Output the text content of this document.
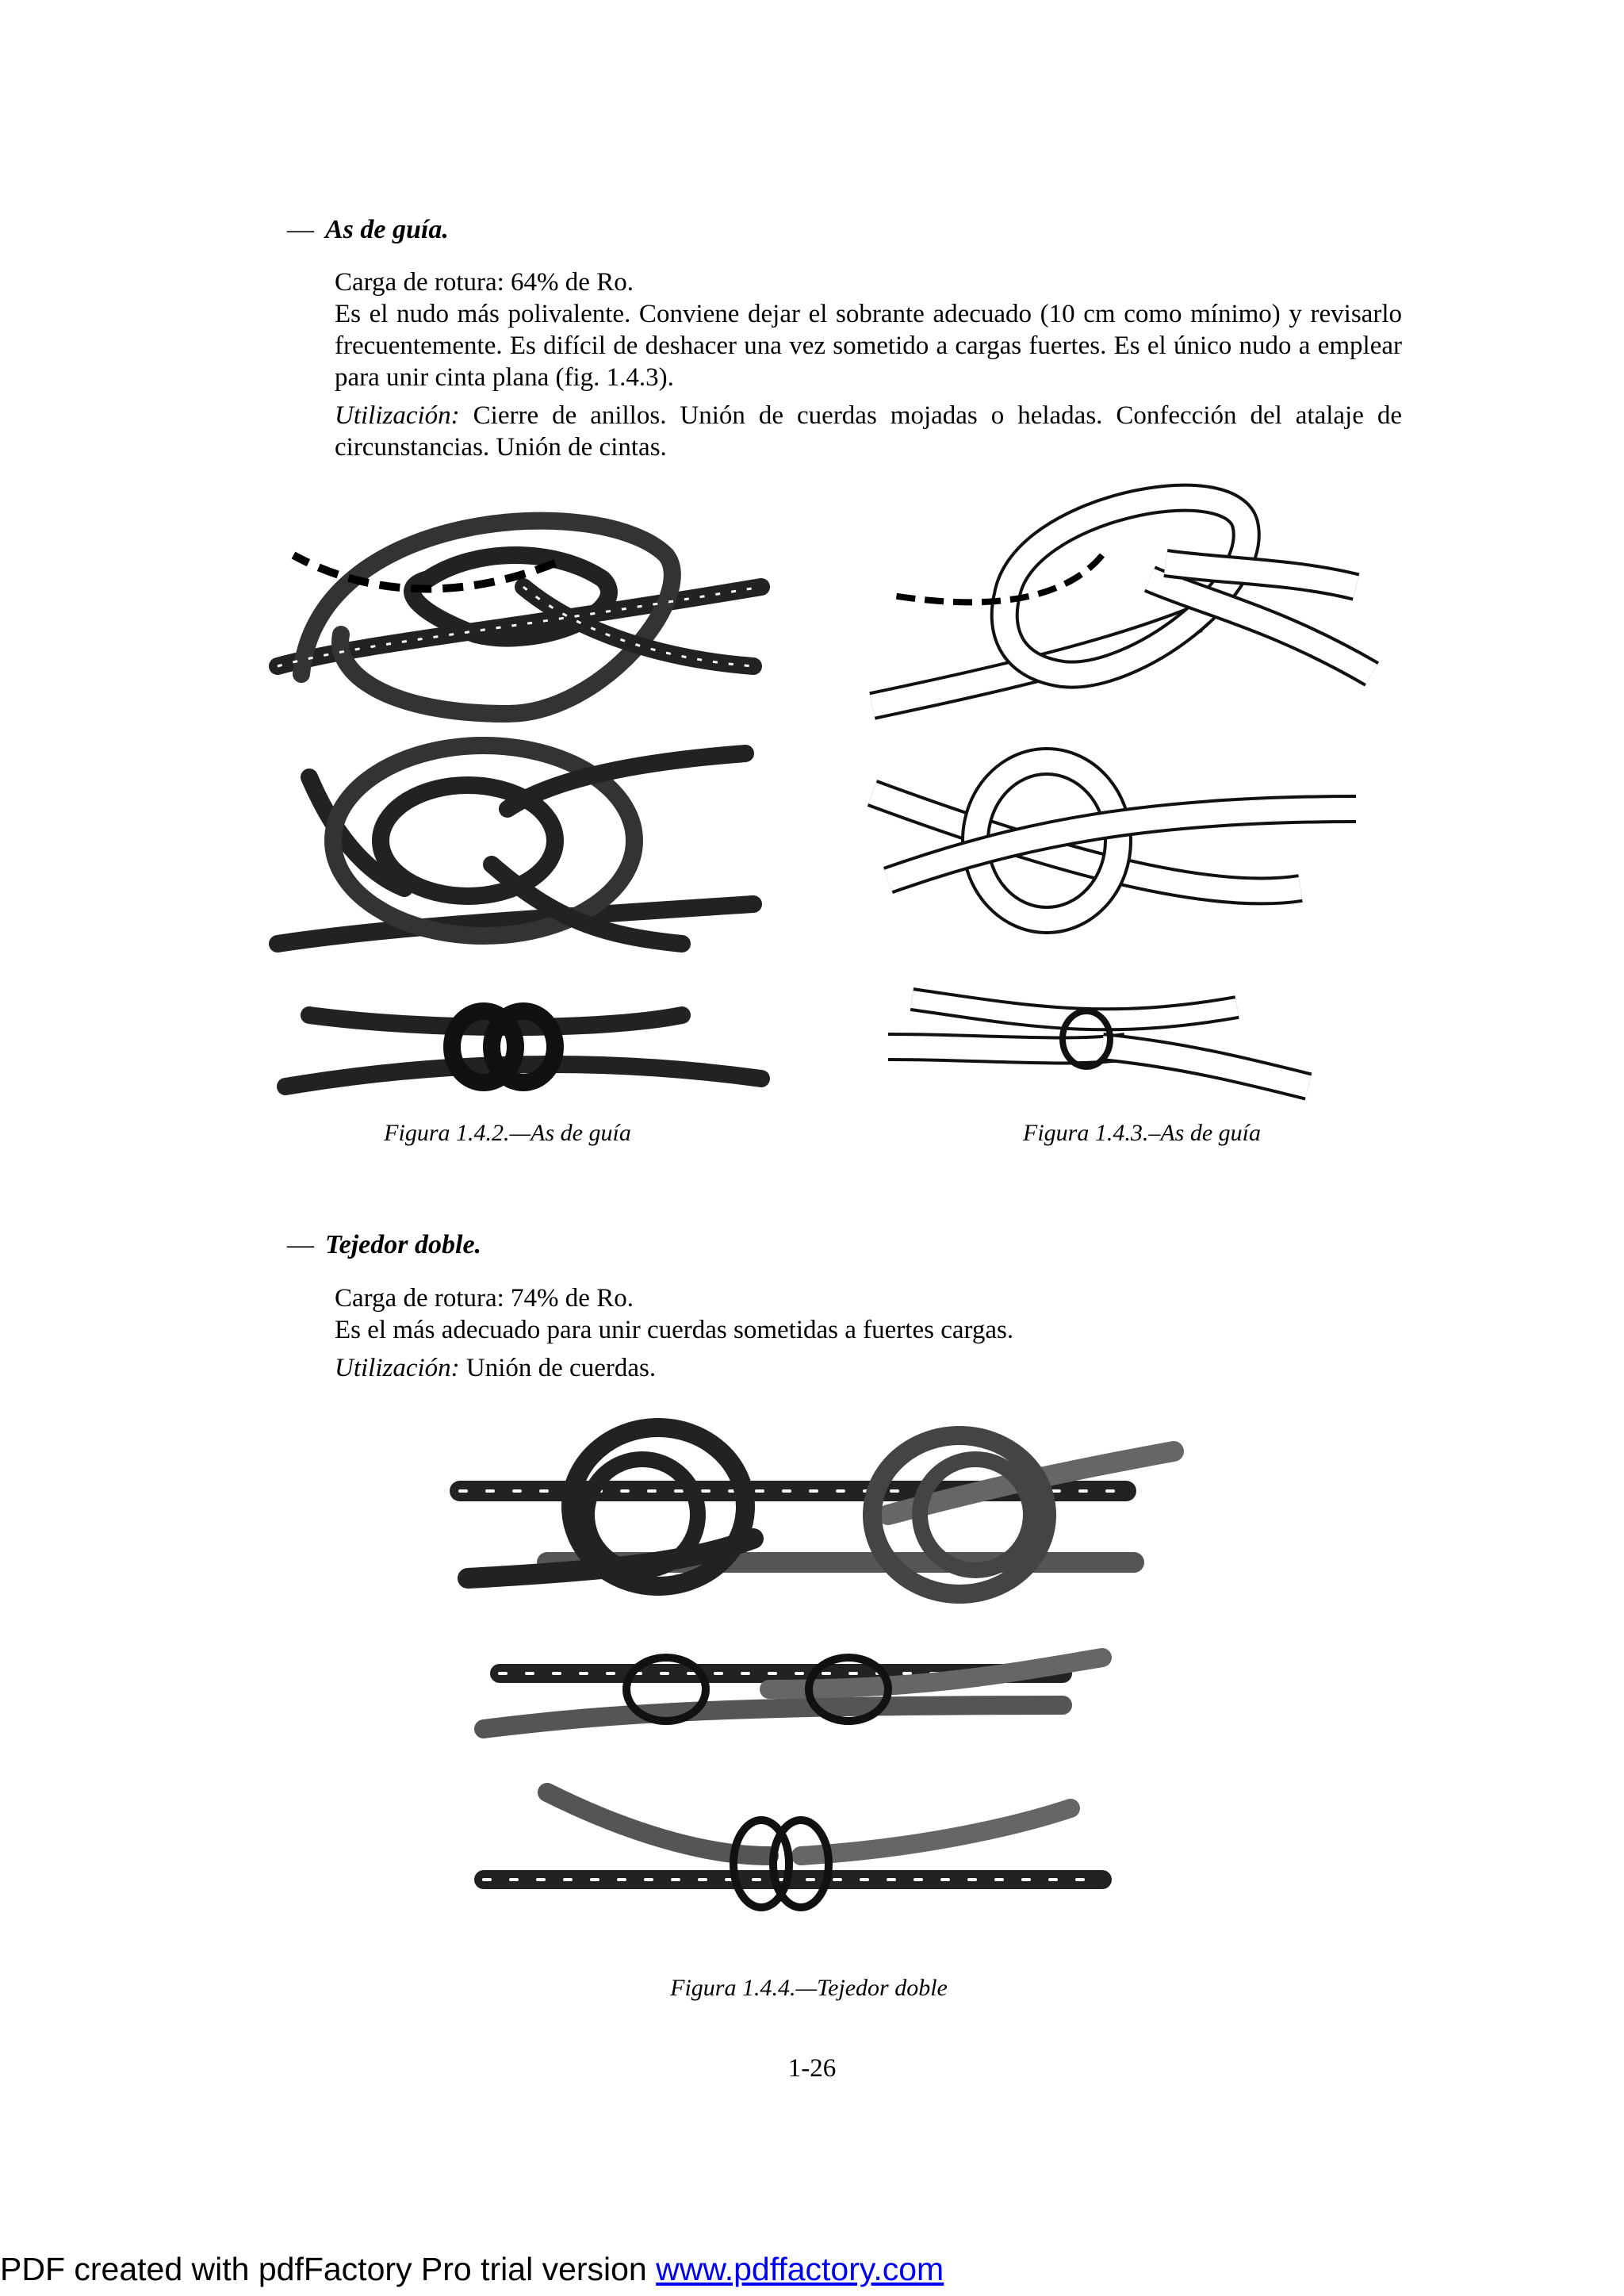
— As de guía.

Carga de rotura: 64% de Ro.

Es el nudo más polivalente. Conviene dejar el sobrante adecuado (10 cm como mínimo) y revisarlo frecuentemente. Es difícil de deshacer una vez sometido a cargas fuertes. Es el único nudo a emplear para unir cinta plana (fig. 1.4.3).

Utilización: Cierre de anillos. Unión de cuerdas mojadas o heladas. Confección del atalaje de circunstancias. Unión de cintas.

Figura 1.4.2.—As de guía	Figura 1.4.3.–As de guía
— Tejedor doble.

Carga de rotura: 74% de Ro.

Es el más adecuado para unir cuerdas sometidas a fuertes cargas.

Utilización: Unión de cuerdas.

Figura 1.4.4.—Tejedor doble
1-26
PDF created with pdfFactory Pro trial version www.pdffactory.com
